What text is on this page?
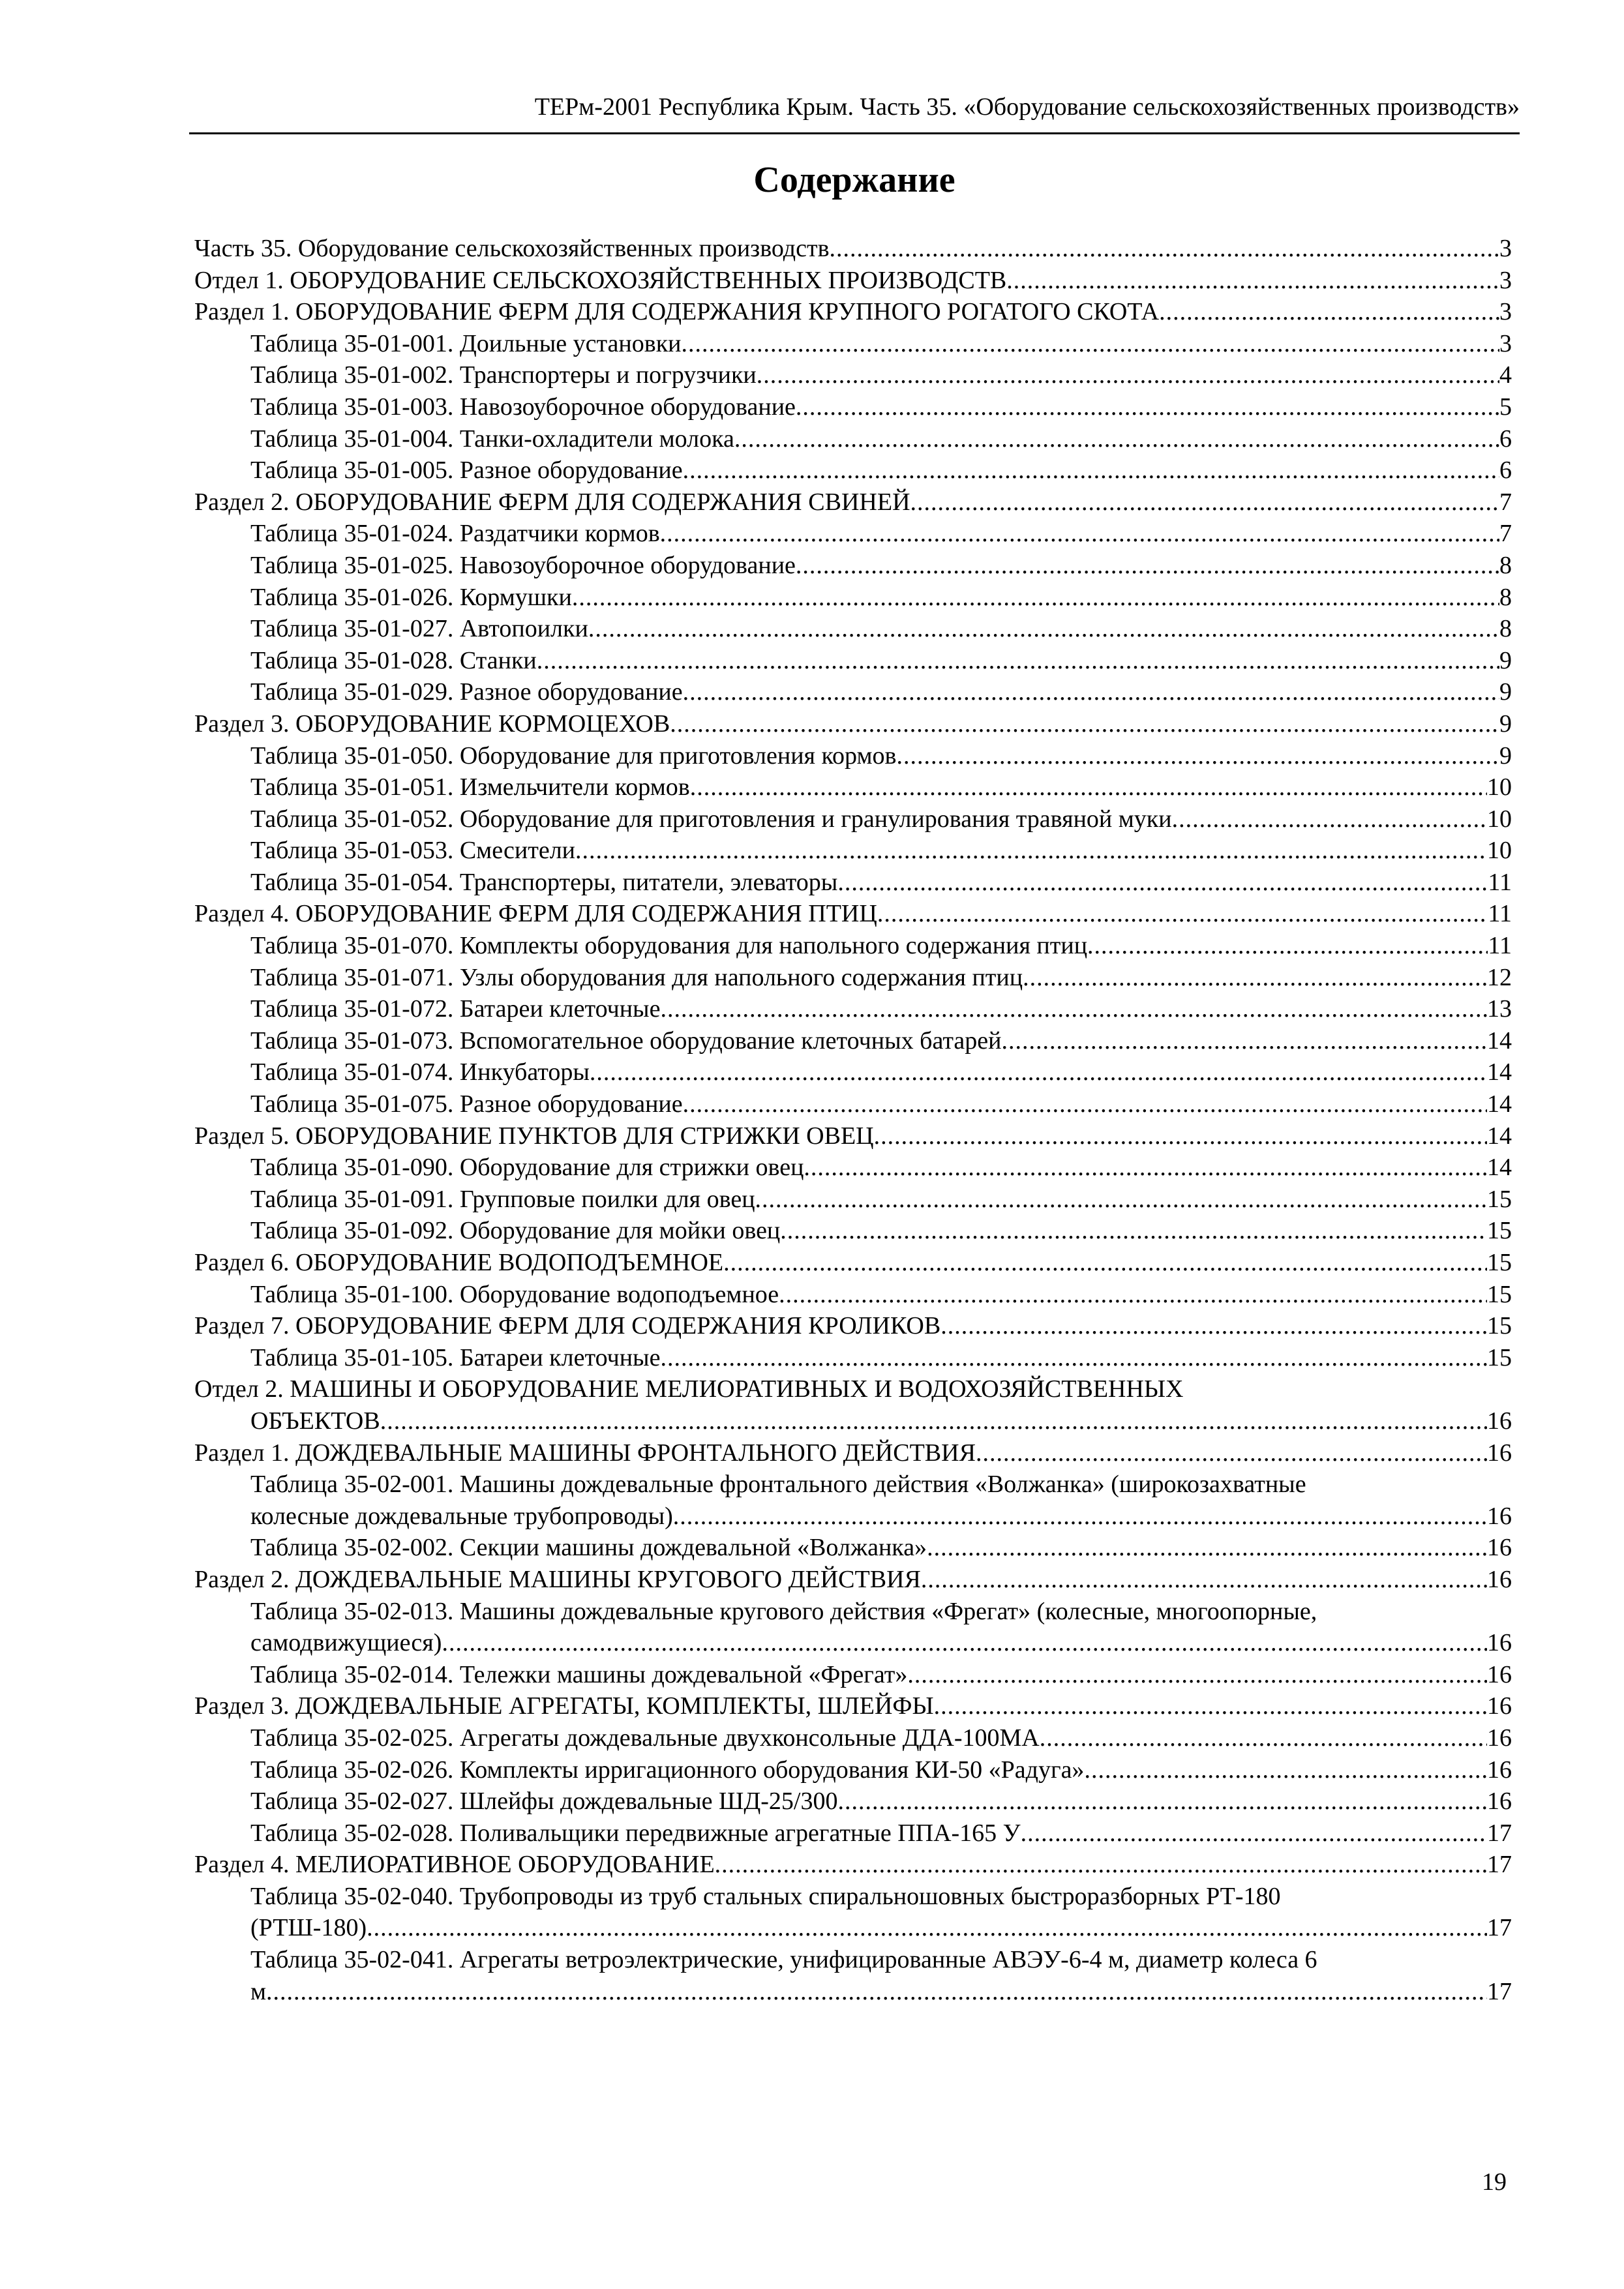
ТЕРм-2001 Республика Крым. Часть 35. «Оборудование сельскохозяйственных производств»
Содержание
Часть 35. Оборудование сельскохозяйственных производств .....	3
Отдел 1. ОБОРУДОВАНИЕ СЕЛЬСКОХОЗЯЙСТВЕННЫХ ПРОИЗВОДСТВ .....	3
Раздел 1. ОБОРУДОВАНИЕ ФЕРМ ДЛЯ СОДЕРЖАНИЯ КРУПНОГО РОГАТОГО СКОТА .....	3
Таблица 35-01-001. Доильные установки .....	3
Таблица 35-01-002. Транспортеры и погрузчики .....	4
Таблица 35-01-003. Навозоуборочное оборудование .....	5
Таблица 35-01-004. Танки-охладители молока .....	6
Таблица 35-01-005. Разное оборудование .....	6
Раздел 2. ОБОРУДОВАНИЕ ФЕРМ ДЛЯ СОДЕРЖАНИЯ СВИНЕЙ .....	7
Таблица 35-01-024. Раздатчики кормов .....	7
Таблица 35-01-025. Навозоуборочное оборудование .....	8
Таблица 35-01-026. Кормушки .....	8
Таблица 35-01-027. Автопоилки .....	8
Таблица 35-01-028. Станки .....	9
Таблица 35-01-029. Разное оборудование .....	9
Раздел 3. ОБОРУДОВАНИЕ КОРМОЦЕХОВ .....	9
Таблица 35-01-050. Оборудование для приготовления кормов .....	9
Таблица 35-01-051. Измельчители кормов .....	10
Таблица 35-01-052. Оборудование для приготовления и гранулирования травяной муки .....	10
Таблица 35-01-053. Смесители .....	10
Таблица 35-01-054. Транспортеры, питатели, элеваторы .....	11
Раздел 4. ОБОРУДОВАНИЕ ФЕРМ ДЛЯ СОДЕРЖАНИЯ ПТИЦ .....	11
Таблица 35-01-070. Комплекты оборудования для напольного содержания птиц .....	11
Таблица 35-01-071. Узлы оборудования для напольного содержания птиц .....	12
Таблица 35-01-072. Батареи клеточные .....	13
Таблица 35-01-073. Вспомогательное оборудование клеточных батарей .....	14
Таблица 35-01-074. Инкубаторы .....	14
Таблица 35-01-075. Разное оборудование .....	14
Раздел 5. ОБОРУДОВАНИЕ ПУНКТОВ ДЛЯ СТРИЖКИ ОВЕЦ .....	14
Таблица 35-01-090. Оборудование для стрижки овец .....	14
Таблица 35-01-091. Групповые поилки для овец .....	15
Таблица 35-01-092. Оборудование для мойки овец .....	15
Раздел 6. ОБОРУДОВАНИЕ ВОДОПОДЪЕМНОЕ .....	15
Таблица 35-01-100. Оборудование водоподъемное .....	15
Раздел 7. ОБОРУДОВАНИЕ ФЕРМ ДЛЯ СОДЕРЖАНИЯ КРОЛИКОВ .....	15
Таблица 35-01-105. Батареи клеточные .....	15
Отдел 2. МАШИНЫ И ОБОРУДОВАНИЕ МЕЛИОРАТИВНЫХ И ВОДОХОЗЯЙСТВЕННЫХ
ОБЪЕКТОВ .....	16
Раздел 1. ДОЖДЕВАЛЬНЫЕ МАШИНЫ ФРОНТАЛЬНОГО ДЕЙСТВИЯ .....	16
Таблица 35-02-001. Машины дождевальные фронтального действия «Волжанка» (широкозахватные
колесные дождевальные трубопроводы) .....	16
Таблица 35-02-002. Секции машины дождевальной «Волжанка» .....	16
Раздел 2. ДОЖДЕВАЛЬНЫЕ МАШИНЫ КРУГОВОГО ДЕЙСТВИЯ .....	16
Таблица 35-02-013. Машины дождевальные кругового действия «Фрегат» (колесные, многоопорные,
самодвижущиеся) .....	16
Таблица 35-02-014. Тележки машины дождевальной «Фрегат» .....	16
Раздел 3. ДОЖДЕВАЛЬНЫЕ АГРЕГАТЫ, КОМПЛЕКТЫ, ШЛЕЙФЫ .....	16
Таблица 35-02-025. Агрегаты дождевальные двухконсольные ДДА-100МА .....	16
Таблица 35-02-026. Комплекты ирригационного оборудования КИ-50 «Радуга» .....	16
Таблица 35-02-027. Шлейфы дождевальные ШД-25/300 .....	16
Таблица 35-02-028. Поливальщики передвижные агрегатные ППА-165 У .....	17
Раздел 4. МЕЛИОРАТИВНОЕ ОБОРУДОВАНИЕ .....	17
Таблица 35-02-040. Трубопроводы из труб стальных спиральношовных быстроразборных РТ-180
(РТШ-180) .....	17
Таблица 35-02-041. Агрегаты ветроэлектрические, унифицированные АВЭУ-6-4 м, диаметр колеса 6
м .....	17
19
